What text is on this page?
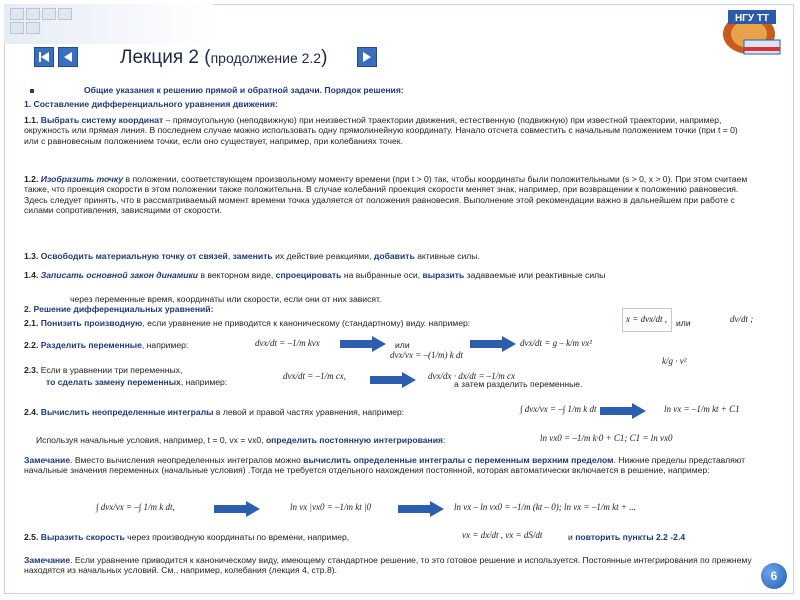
НГУ ТТ
Лекция 2 (продолжение 2.2)
Общие указания к решению прямой и обратной задачи. Порядок решения:
1. Составление дифференциального уравнения движения:
1.1. Выбрать систему координат – прямоугольную (неподвижную) при неизвестной траектории движения, естественную (подвижную) при известной траектории, например, окружность или прямая линия. В последнем случае можно использовать одну прямолинейную координату. Начало отсчета совместить с начальным положением точки (при t = 0) или с равновесным положением точки, если оно существует, например, при колебаниях точек.
1.2. Изобразить точку в положении, соответствующем произвольному моменту времени (при t > 0) так, чтобы координаты были положительными (s > 0, x > 0). При этом считаем также, что проекция скорости в этом положении также положительна. В случае колебаний проекция скорости меняет знак, например, при возвращении к положению равновесия. Здесь следует принять, что в рассматриваемый момент времени точка удаляется от положения равновесия. Выполнение этой рекомендации важно в дальнейшем при работе с силами сопротивления, зависящими от скорости.
1.3. Освободить материальную точку от связей, заменить их действие реакциями, добавить активные силы.
1.4. Записать основной закон динамики в векторном виде, спроецировать на выбранные оси, выразить задаваемые или реактивные силы
через переменные время, координаты или скорости, если они от них зависят.
2. Решение дифференциальных уравнений:
2.1. Понизить производную, если уравнение не приводится к каноническому (стандартному) виду. например:	x = dvx/dt , или	dv/dt ;
k/g · v²
2.2. Разделить переменные, например:	dvx/dt = –1/m kvx	или
dvx/vx = –(1/m) k dt
dvx/dt = g – k/m vx²
2.3. Если в уравнении три переменных,
то сделать замену переменных, например:
dvx/dt = –1/m cx,	dvx/dx · dx/dt = –1/m cx
а затем разделить переменные.
2.4. Вычислить неопределенные интегралы в левой и правой частях уравнения, например:	∫ dvx/vx = –∫ 1/m k dt	ln vx = –1/m kt + C1
Используя начальные условия, например, t = 0, vx = vx0, определить постоянную интегрирования:	ln vx0 = –1/m k·0 + C1; C1 = ln vx0
Замечание. Вместо вычисления неопределенных интегралов можно вычислить определенные интегралы с переменным верхним пределом. Нижние пределы представляют начальные значения переменных (начальные условия) .Тогда не требуется отдельного нахождения постоянной, которая автоматически включается в решение, например:
∫ dvx/vx = –∫ 1/m k dt,	ln vx |vx0 = –1/m kt |0	ln vx – ln vx0 = –1/m (kt – 0); ln vx = –1/m kt + ...
2.5. Выразить скорость через производную координаты по времени, например,	vx = dx/dt , vx = dS/dt	и повторить пункты 2.2 -2.4
Замечание. Если уравнение приводится к каноническому виду, имеющему стандартное решение, то это готовое решение и используется. Постоянные интегрирования по прежнему находятся из начальных условий. См., например, колебания (лекция 4, стр.8).	6
